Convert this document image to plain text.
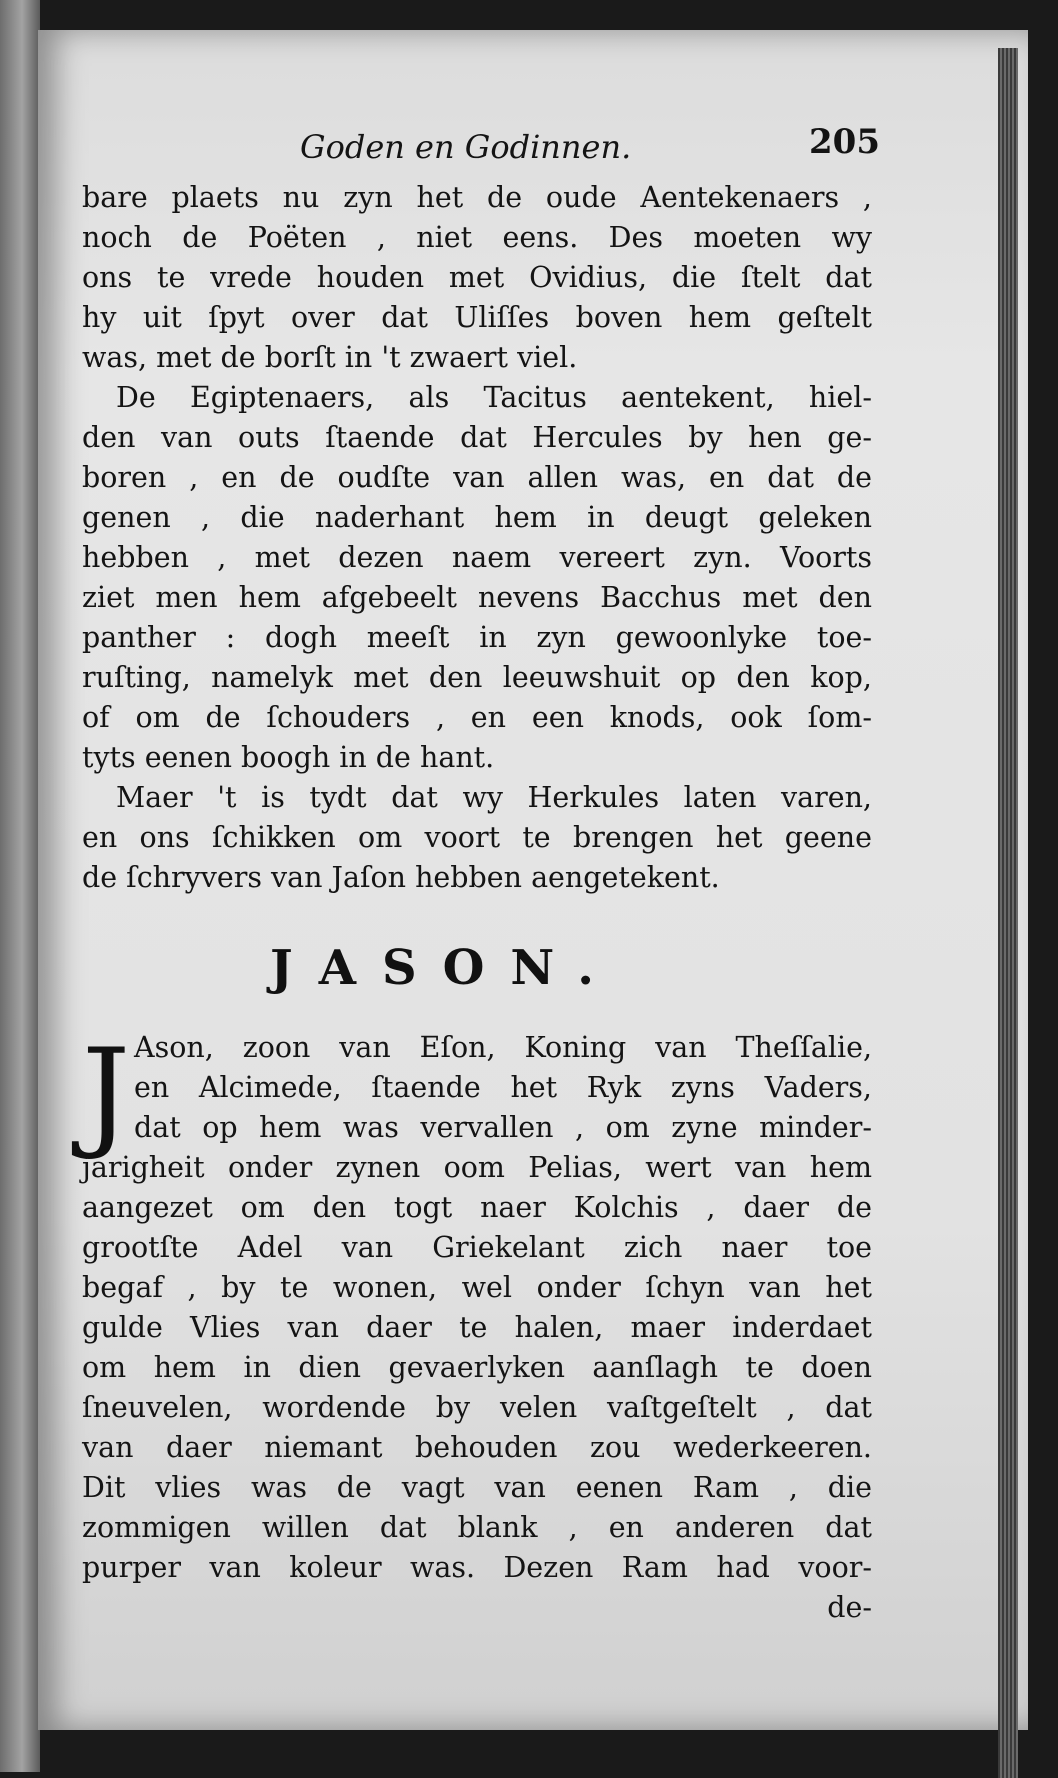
Goden en Godinnen.	205
bare plaets nu zyn het de oude Aentekenaers ,
noch de Poëten , niet eens. Des moeten wy
ons te vrede houden met Ovidius, die ſtelt dat
hy uit ſpyt over dat Uliſſes boven hem geſtelt
was, met de borſt in 't zwaert viel.
De Egiptenaers, als Tacitus aentekent, hiel-
den van outs ſtaende dat Hercules by hen ge-
boren , en de oudſte van allen was, en dat de
genen , die naderhant hem in deugt geleken
hebben , met dezen naem vereert zyn. Voorts
ziet men hem afgebeelt nevens Bacchus met den
panther : dogh meeſt in zyn gewoonlyke toe-
ruſting, namelyk met den leeuwshuit op den kop,
of om de ſchouders , en een knods, ook ſom-
tyts eenen boogh in de hant.
Maer 't is tydt dat wy Herkules laten varen,
en ons ſchikken om voort te brengen het geene
de ſchryvers van Jaſon hebben aengetekent.
JASON.
J Ason, zoon van Eſon, Koning van Theſſalie,
en Alcimede, ſtaende het Ryk zyns Vaders,
dat op hem was vervallen , om zyne minder-
jarigheit onder zynen oom Pelias, wert van hem
aangezet om den togt naer Kolchis , daer de
grootſte Adel van Griekelant zich naer toe
begaf , by te wonen, wel onder ſchyn van het
gulde Vlies van daer te halen, maer inderdaet
om hem in dien gevaerlyken aanſlagh te doen
ſneuvelen, wordende by velen vaſtgeſtelt , dat
van daer niemant behouden zou wederkeeren.
Dit vlies was de vagt van eenen Ram , die
zommigen willen dat blank , en anderen dat
purper van koleur was. Dezen Ram had voor-
de-
